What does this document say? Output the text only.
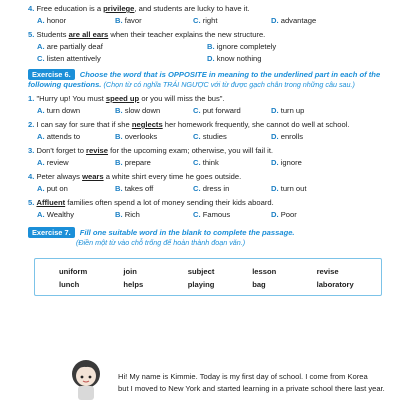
4. Free education is a privilege, and students are lucky to have it.

A. honor	B. favor	C. right	D. advantage

5. Students are all ears when their teacher explains the new structure.

A. are partially deaf	B. ignore completely
C. listen attentively	D. know nothing
Exercise 6. Choose the word that is OPPOSITE in meaning to the underlined part in each of the following questions. (Chọn từ có nghĩa TRÁI NGƯỢC với từ được gạch chân trong những câu sau.)

1. "Hurry up! You must speed up or you will miss the bus".

A. turn down	B. slow down	C. put forward	D. turn up

2. I can say for sure that if she neglects her homework frequently, she cannot do well at school.

A. attends to	B. overlooks	C. studies	D. enrolls

3. Don't forget to revise for the upcoming exam; otherwise, you will fail it.

A. review	B. prepare	C. think	D. ignore

4. Peter always wears a white shirt every time he goes outside.

A. put on	B. takes off	C. dress in	D. turn out

5. Affluent families often spend a lot of money sending their kids aboard.

A. Wealthy	B. Rich	C. Famous	D. Poor
Exercise 7. Fill one suitable word in the blank to complete the passage.
(Điền một từ vào chỗ trống để hoàn thành đoạn văn.)
uniform	join	subject	lesson	revise
lunch	helps	playing	bag	laboratory
Hi! My name is Kimmie. Today is my first day of school. I come from Korea
but I moved to New York and started learning in a private school there last year.
